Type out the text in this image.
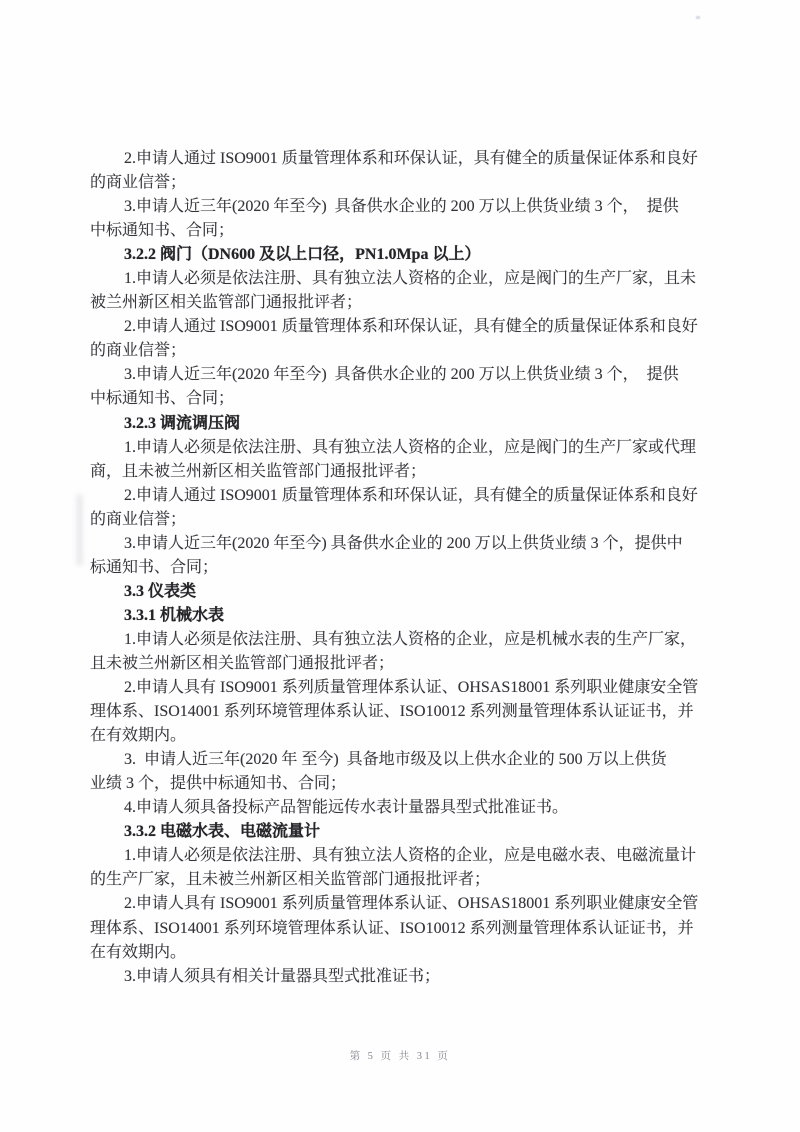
2.申请人通过 ISO9001 质量管理体系和环保认证，具有健全的质量保证体系和良好
的商业信誉；
3.申请人近三年(2020 年至今)  具备供水企业的 200 万以上供货业绩 3 个，  提供
中标通知书、合同；
3.2.2 阀门（DN600 及以上口径，PN1.0Mpa 以上）
1.申请人必须是依法注册、具有独立法人资格的企业，应是阀门的生产厂家，且未
被兰州新区相关监管部门通报批评者；
2.申请人通过 ISO9001 质量管理体系和环保认证，具有健全的质量保证体系和良好
的商业信誉；
3.申请人近三年(2020 年至今)  具备供水企业的 200 万以上供货业绩 3 个，  提供
中标通知书、合同；
3.2.3 调流调压阀
1.申请人必须是依法注册、具有独立法人资格的企业，应是阀门的生产厂家或代理
商，且未被兰州新区相关监管部门通报批评者；
2.申请人通过 ISO9001 质量管理体系和环保认证，具有健全的质量保证体系和良好
的商业信誉；
3.申请人近三年(2020 年至今) 具备供水企业的 200 万以上供货业绩 3 个，提供中
标通知书、合同；
3.3 仪表类
3.3.1 机械水表
1.申请人必须是依法注册、具有独立法人资格的企业，应是机械水表的生产厂家，
且未被兰州新区相关监管部门通报批评者；
2.申请人具有 ISO9001 系列质量管理体系认证、OHSAS18001 系列职业健康安全管
理体系、ISO14001 系列环境管理体系认证、ISO10012 系列测量管理体系认证证书，并
在有效期内。
3.  申请人近三年(2020 年 至今)  具备地市级及以上供水企业的 500 万以上供货
业绩 3 个，提供中标通知书、合同；
4.申请人须具备投标产品智能远传水表计量器具型式批准证书。
3.3.2 电磁水表、电磁流量计
1.申请人必须是依法注册、具有独立法人资格的企业，应是电磁水表、电磁流量计
的生产厂家，且未被兰州新区相关监管部门通报批评者；
2.申请人具有 ISO9001 系列质量管理体系认证、OHSAS18001 系列职业健康安全管
理体系、ISO14001 系列环境管理体系认证、ISO10012 系列测量管理体系认证证书，并
在有效期内。
3.申请人须具有相关计量器具型式批准证书；
第 5 页 共 31 页
